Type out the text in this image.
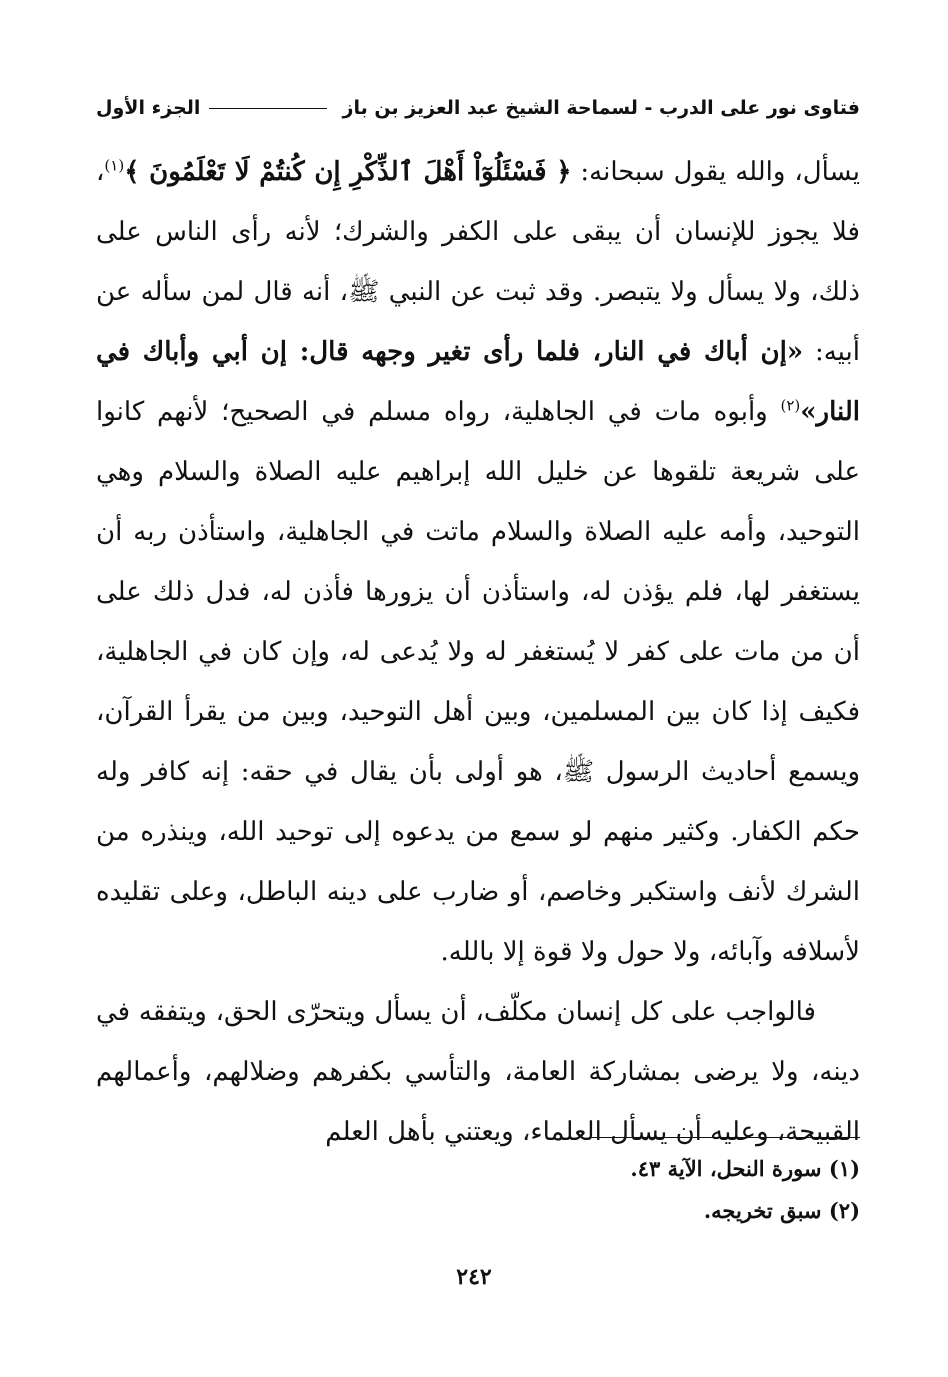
فتاوى نور على الدرب - لسماحة الشيخ عبد العزيز بن باز
الجزء الأول

يسأل، والله يقول سبحانه: ﴿ فَسْئَلُوٓاْ أَهْلَ ٱلذِّكْرِ إِن كُنتُمْ لَا تَعْلَمُونَ ﴾$^{(١)}$، فلا يجوز للإنسان أن يبقى على الكفر والشرك؛ لأنه رأى الناس على ذلك، ولا يسأل ولا يتبصر. وقد ثبت عن النبي ﷺ، أنه قال لمن سأله عن أبيه: «إن أباك في النار، فلما رأى تغير وجهه قال: إن أبي وأباك في النار»$^{(٢)}$ وأبوه مات في الجاهلية، رواه مسلم في الصحيح؛ لأنهم كانوا على شريعة تلقوها عن خليل الله إبراهيم عليه الصلاة والسلام وهي التوحيد، وأمه عليه الصلاة والسلام ماتت في الجاهلية، واستأذن ربه أن يستغفر لها، فلم يؤذن له، واستأذن أن يزورها فأذن له، فدل ذلك على أن من مات على كفر لا يُستغفر له ولا يُدعى له، وإن كان في الجاهلية، فكيف إذا كان بين المسلمين، وبين أهل التوحيد، وبين من يقرأ القرآن، ويسمع أحاديث الرسول ﷺ، هو أولى بأن يقال في حقه: إنه كافر وله حكم الكفار. وكثير منهم لو سمع من يدعوه إلى توحيد الله، وينذره من الشرك لأنف واستكبر وخاصم، أو ضارب على دينه الباطل، وعلى تقليده لأسلافه وآبائه، ولا حول ولا قوة إلا بالله.

فالواجب على كل إنسان مكلّف، أن يسأل ويتحرّى الحق، ويتفقه في دينه، ولا يرضى بمشاركة العامة، والتأسي بكفرهم وضلالهم، وأعمالهم القبيحة، وعليه أن يسأل العلماء، ويعتني بأهل العلم

(١) سورة النحل، الآية ٤٣.
(٢) سبق تخريجه.
٢٤٢
